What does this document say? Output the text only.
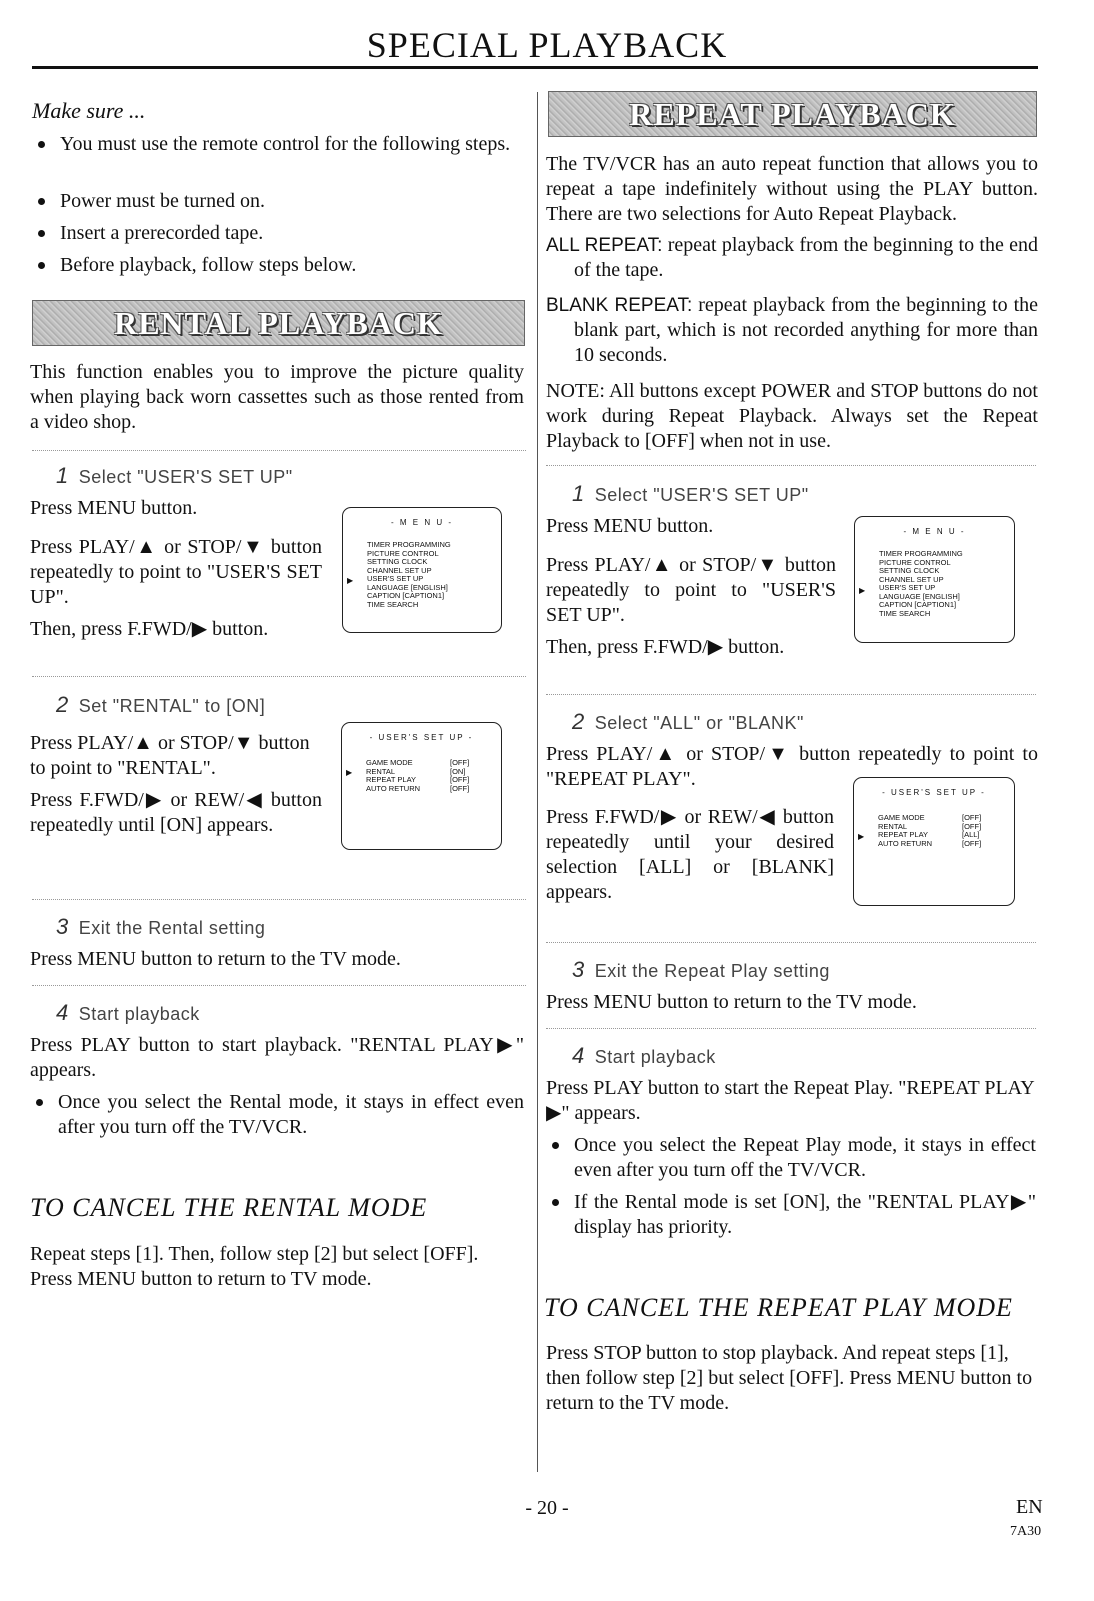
SPECIAL PLAYBACK
Make sure ...
You must use the remote control for the following steps.
Power must be turned on.
Insert a prerecorded tape.
Before playback, follow steps below.
RENTAL PLAYBACK

This function enables you to improve the picture quality when playing back worn cassettes such as those rented from a video shop.

1 Select "USER'S SET UP"

Press MENU button.

Press PLAY/▲ or STOP/▼ button repeatedly to point to "USER'S SET UP".

Then, press F.FWD/▶ button.

- M E N U -
▶
TIMER PROGRAMMING
PICTURE CONTROL
SETTING CLOCK
CHANNEL SET UP
USER'S SET UP
LANGUAGE [ENGLISH]
CAPTION [CAPTION1]
TIME SEARCH
2 Set "RENTAL" to [ON]

Press PLAY/▲ or STOP/▼ button to point to "RENTAL".

Press F.FWD/▶ or REW/◀ button repeatedly until [ON] appears.

- USER'S SET UP -
▶
GAME MODE
RENTAL
REPEAT PLAY
AUTO RETURN
[OFF]
[ON]
[OFF]
[OFF]
3 Exit the Rental setting

Press MENU button to return to the TV mode.

4 Start playback

Press PLAY button to start playback. "RENTAL PLAY▶" appears.

Once you select the Rental mode, it stays in effect even after you turn off the TV/VCR.
TO CANCEL THE RENTAL MODE

Repeat steps [1]. Then, follow step [2] but select [OFF]. Press MENU button to return to TV mode.

REPEAT PLAYBACK

The TV/VCR has an auto repeat function that allows you to repeat a tape indefinitely without using the PLAY button. There are two selections for Auto Repeat Playback.

ALL REPEAT: repeat playback from the beginning to the end of the tape.

BLANK REPEAT: repeat playback from the beginning to the blank part, which is not recorded anything for more than 10 seconds.

NOTE: All buttons except POWER and STOP buttons do not work during Repeat Playback. Always set the Repeat Playback to [OFF] when not in use.

1 Select "USER'S SET UP"

Press MENU button.

Press PLAY/▲ or STOP/▼ button repeatedly to point to "USER'S SET UP".

Then, press F.FWD/▶ button.

- M E N U -
▶
TIMER PROGRAMMING
PICTURE CONTROL
SETTING CLOCK
CHANNEL SET UP
USER'S SET UP
LANGUAGE [ENGLISH]
CAPTION [CAPTION1]
TIME SEARCH
2 Select "ALL" or "BLANK"

Press PLAY/▲ or STOP/▼ button repeatedly to point to "REPEAT PLAY".

Press F.FWD/▶ or REW/◀ button repeatedly until your desired selection [ALL] or [BLANK] appears.

- USER'S SET UP -
▶
GAME MODE
RENTAL
REPEAT PLAY
AUTO RETURN
[OFF]
[OFF]
[ALL]
[OFF]
3 Exit the Repeat Play setting

Press MENU button to return to the TV mode.

4 Start playback

Press PLAY button to start the Repeat Play. "REPEAT PLAY ▶" appears.

Once you select the Repeat Play mode, it stays in effect even after you turn off the TV/VCR.
If the Rental mode is set [ON], the "RENTAL PLAY▶" display has priority.
TO CANCEL THE REPEAT PLAY MODE

Press STOP button to stop playback. And repeat steps [1], then follow step [2] but select [OFF]. Press MENU button to return to the TV mode.

- 20 -	EN
7A30
